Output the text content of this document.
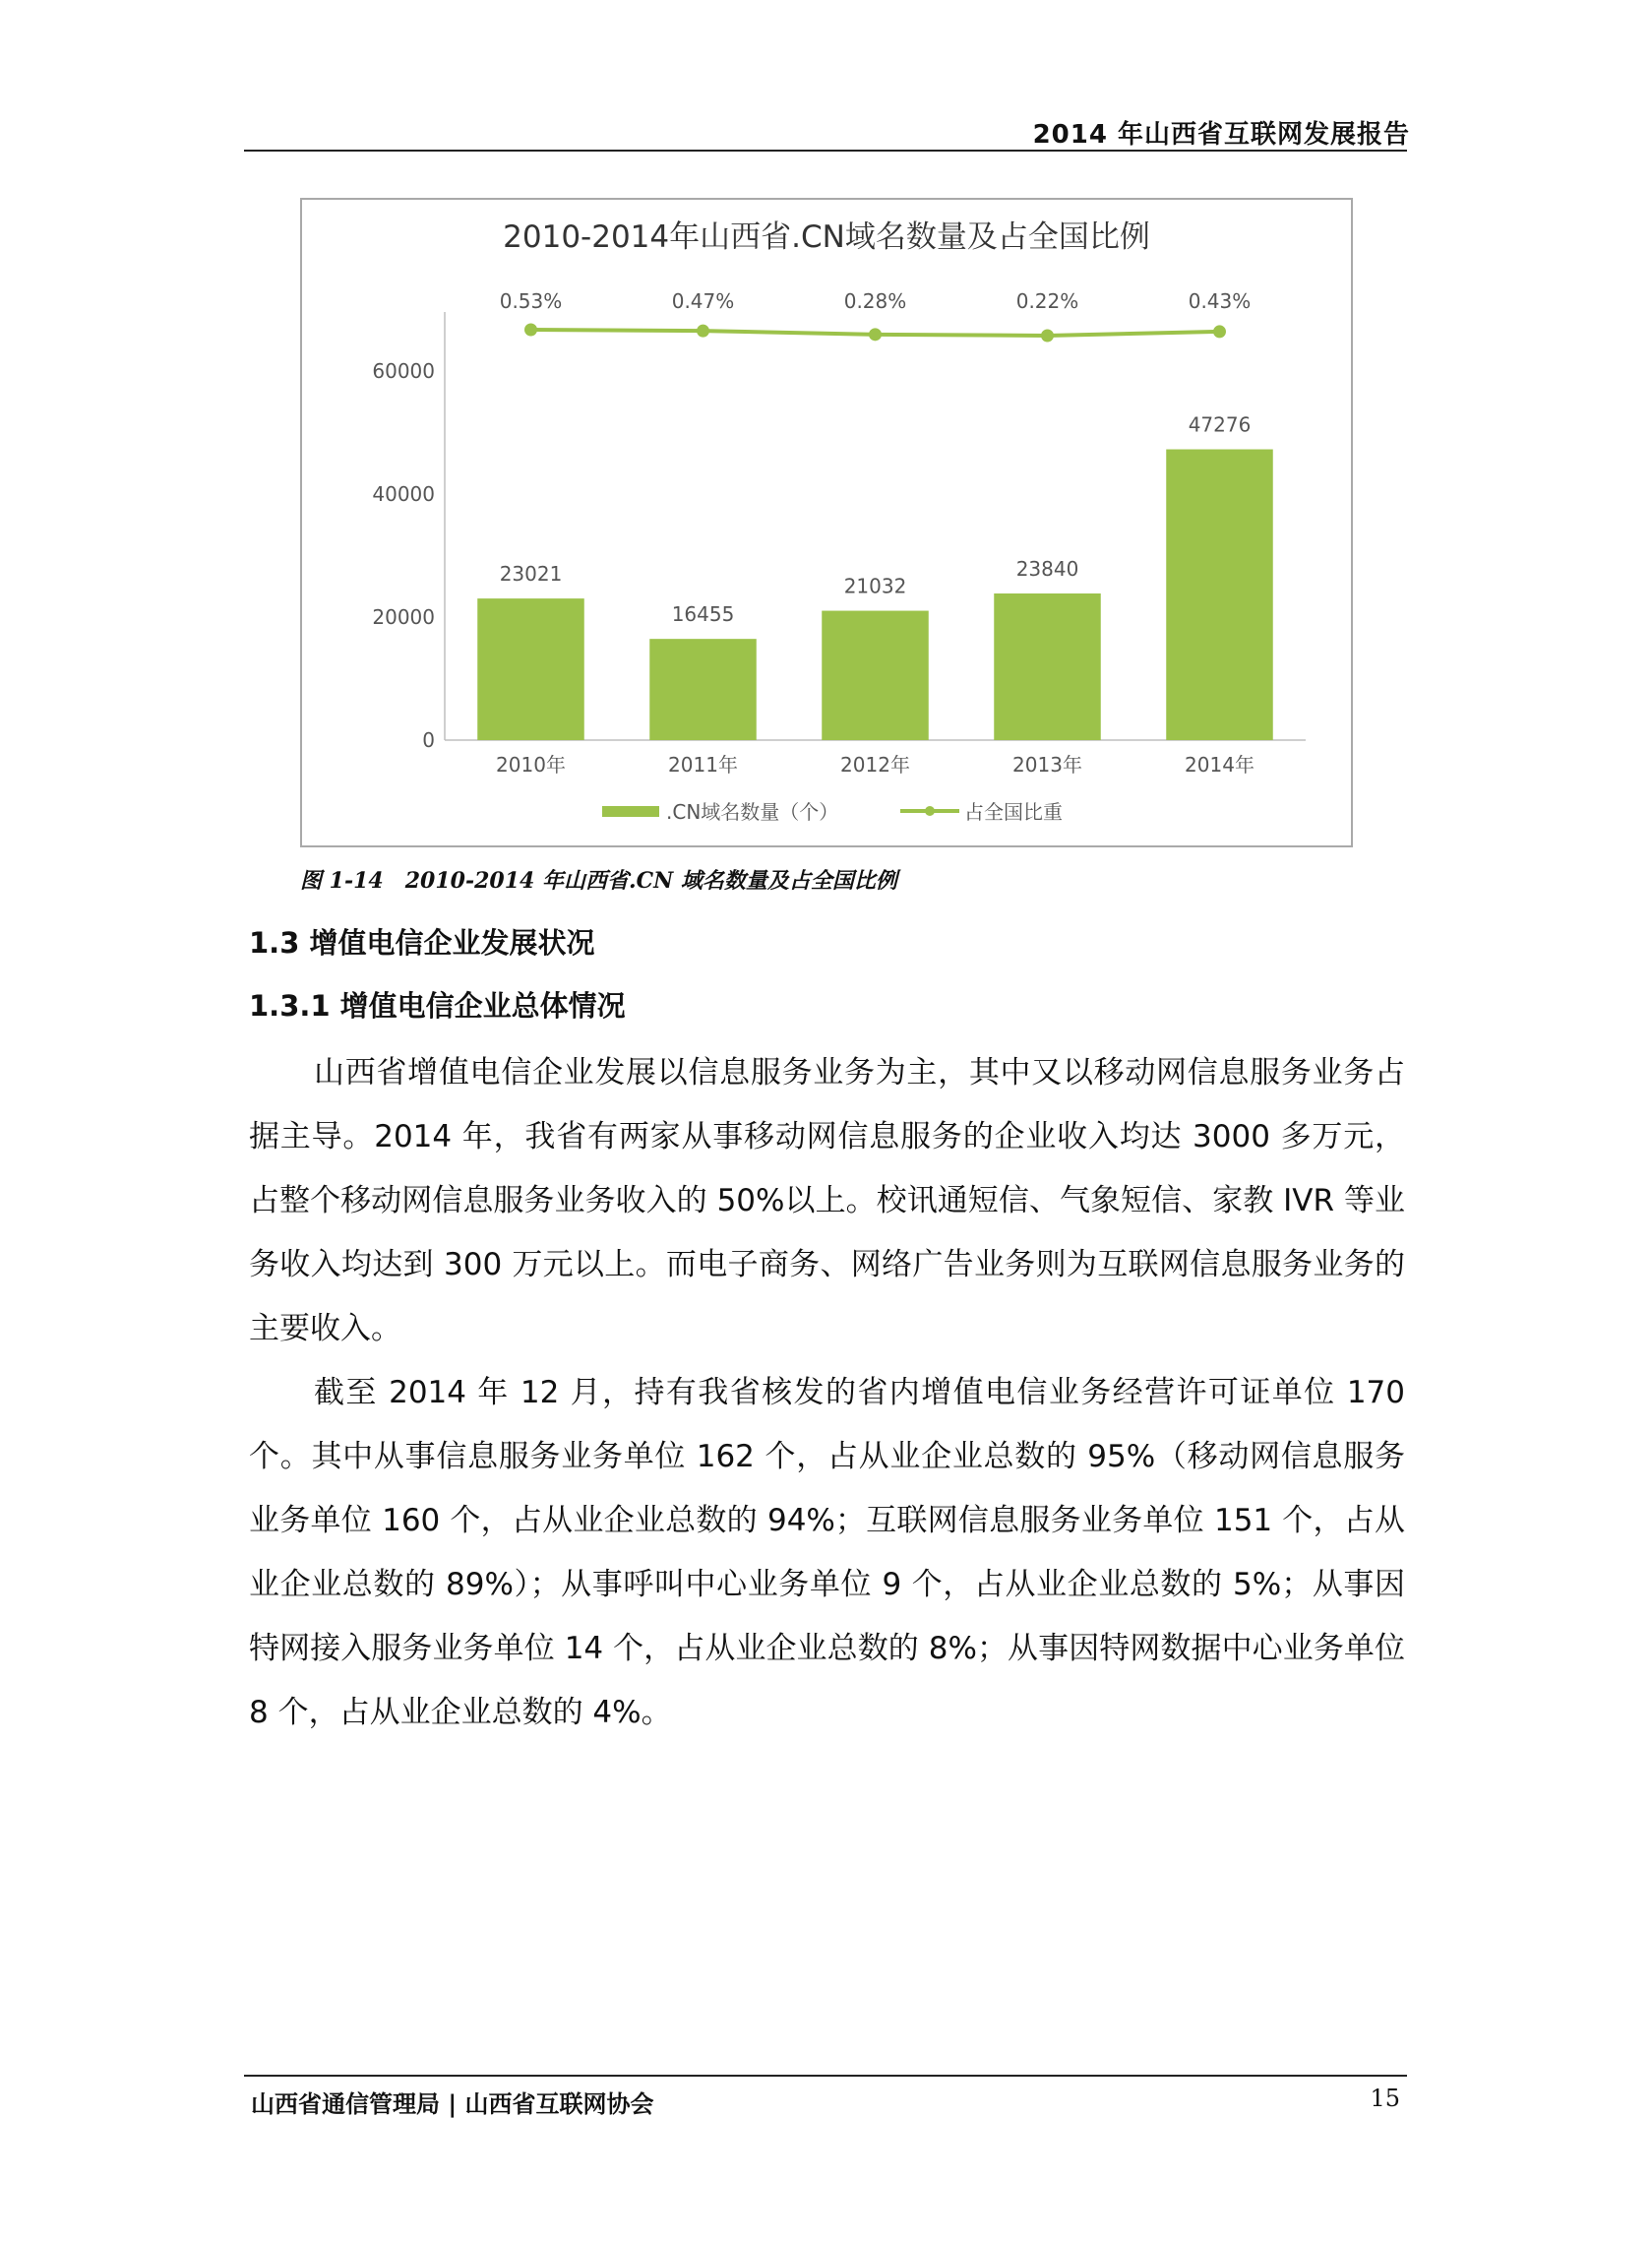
2014 年山西省互联网发展报告
2010-2014年山西省.CN域名数量及占全国比例
0
20000
40000
60000
23021
16455
21032
23840
47276
0.53%	0.47%	0.28%	0.22%	0.43%
2010年	2011年	2012年	2013年	2014年
.CN域名数量（个）	占全国比重
图 1-14　2010-2014 年山西省.CN 域名数量及占全国比例
1.3 增值电信企业发展状况
1.3.1 增值电信企业总体情况

山西省增值电信企业发展以信息服务业务为主，其中又以移动网信息服务业务占据主导。2014 年，我省有两家从事移动网信息服务的企业收入均达 3000 多万元，占整个移动网信息服务业务收入的 50%以上。校讯通短信、气象短信、家教 IVR 等业务收入均达到 300 万元以上。而电子商务、网络广告业务则为互联网信息服务业务的主要收入。

截至 2014 年 12 月，持有我省核发的省内增值电信业务经营许可证单位 170 个。其中从事信息服务业务单位 162 个，占从业企业总数的 95%（移动网信息服务业务单位 160 个，占从业企业总数的 94%；互联网信息服务业务单位 151 个，占从业企业总数的 89%）；从事呼叫中心业务单位 9 个，占从业企业总数的 5%；从事因特网接入服务业务单位 14 个，占从业企业总数的 8%；从事因特网数据中心业务单位 8 个，占从业企业总数的 4%。

山西省通信管理局 | 山西省互联网协会	15
